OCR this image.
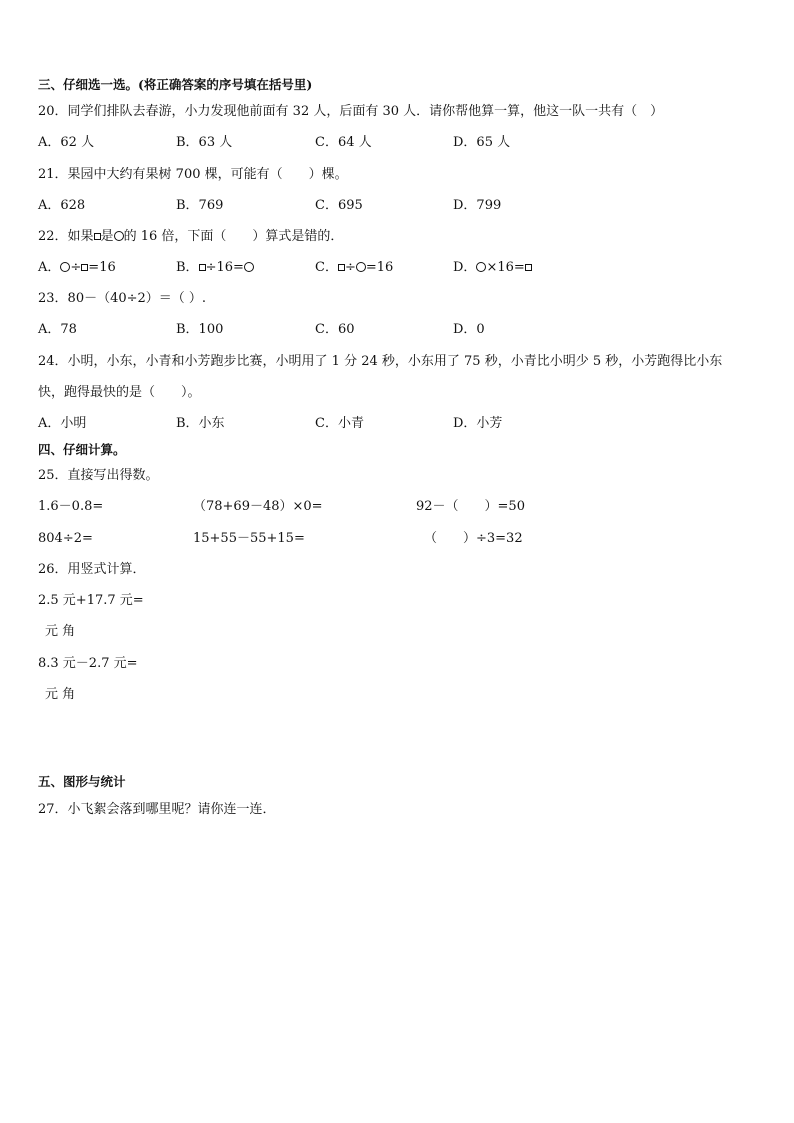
三、仔细选一选。(将正确答案的序号填在括号里)
20．同学们排队去春游，小力发现他前面有 32 人，后面有 30 人．请你帮他算一算，他这一队一共有（　）
A．62 人	B．63 人	C．64 人	D．65 人
21．果园中大约有果树 700 棵，可能有（　　）棵。
A．628	B．769	C．695	D．799
22．如果 是 的 16 倍，下面（　　）算式是错的．
A． ÷ =16	B． ÷16=	C． ÷ =16	D． ×16=
23．80－（40÷2）＝（ ）.
A．78	B．100	C．60	D．0
24．小明，小东，小青和小芳跑步比赛，小明用了 1 分 24 秒，小东用了 75 秒，小青比小明少 5 秒，小芳跑得比小东
快，跑得最快的是（　　）。
A．小明	B．小东	C．小青	D．小芳
四、仔细计算。
25．直接写出得数。
1.6－0.8=	（78+69－48）×0=	92－（　　）=50
804÷2=	15+55－55+15=	（　　）÷3=32
26．用竖式计算．
2.5 元+17.7 元=
元 角
8.3 元－2.7 元=
元 角
五、图形与统计
27．小飞絮会落到哪里呢？请你连一连．
